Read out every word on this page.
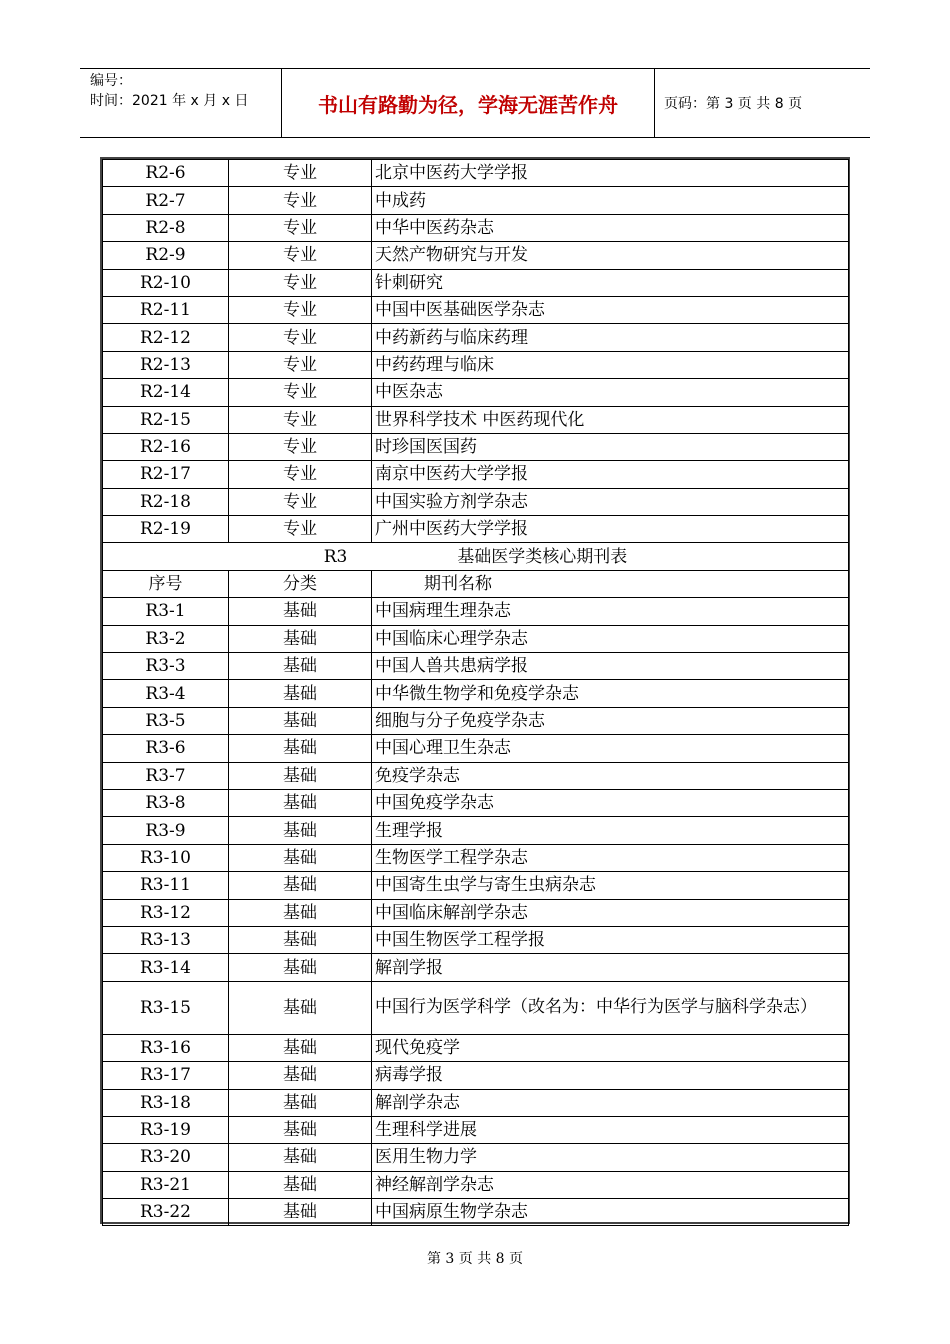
编号：
时间：2021 年 x 月 x 日	书山有路勤为径，学海无涯苦作舟	页码：第 3 页 共 8 页
R2-6	专业	北京中医药大学学报
R2-7	专业	中成药
R2-8	专业	中华中医药杂志
R2-9	专业	天然产物研究与开发
R2-10	专业	针刺研究
R2-11	专业	中国中医基础医学杂志
R2-12	专业	中药新药与临床药理
R2-13	专业	中药药理与临床
R2-14	专业	中医杂志
R2-15	专业	世界科学技术 中医药现代化
R2-16	专业	时珍国医国药
R2-17	专业	南京中医药大学学报
R2-18	专业	中国实验方剂学杂志
R2-19	专业	广州中医药大学学报
R3 基础医学类核心期刊表		
序号	分类	期刊名称
R3-1	基础	中国病理生理杂志
R3-2	基础	中国临床心理学杂志
R3-3	基础	中国人兽共患病学报
R3-4	基础	中华微生物学和免疫学杂志
R3-5	基础	细胞与分子免疫学杂志
R3-6	基础	中国心理卫生杂志
R3-7	基础	免疫学杂志
R3-8	基础	中国免疫学杂志
R3-9	基础	生理学报
R3-10	基础	生物医学工程学杂志
R3-11	基础	中国寄生虫学与寄生虫病杂志
R3-12	基础	中国临床解剖学杂志
R3-13	基础	中国生物医学工程学报
R3-14	基础	解剖学报
R3-15	基础	中国行为医学科学（改名为：中华行为医学与脑科学杂志）
R3-16	基础	现代免疫学
R3-17	基础	病毒学报
R3-18	基础	解剖学杂志
R3-19	基础	生理科学进展
R3-20	基础	医用生物力学
R3-21	基础	神经解剖学杂志
R3-22	基础	中国病原生物学杂志
第 3 页 共 8 页
